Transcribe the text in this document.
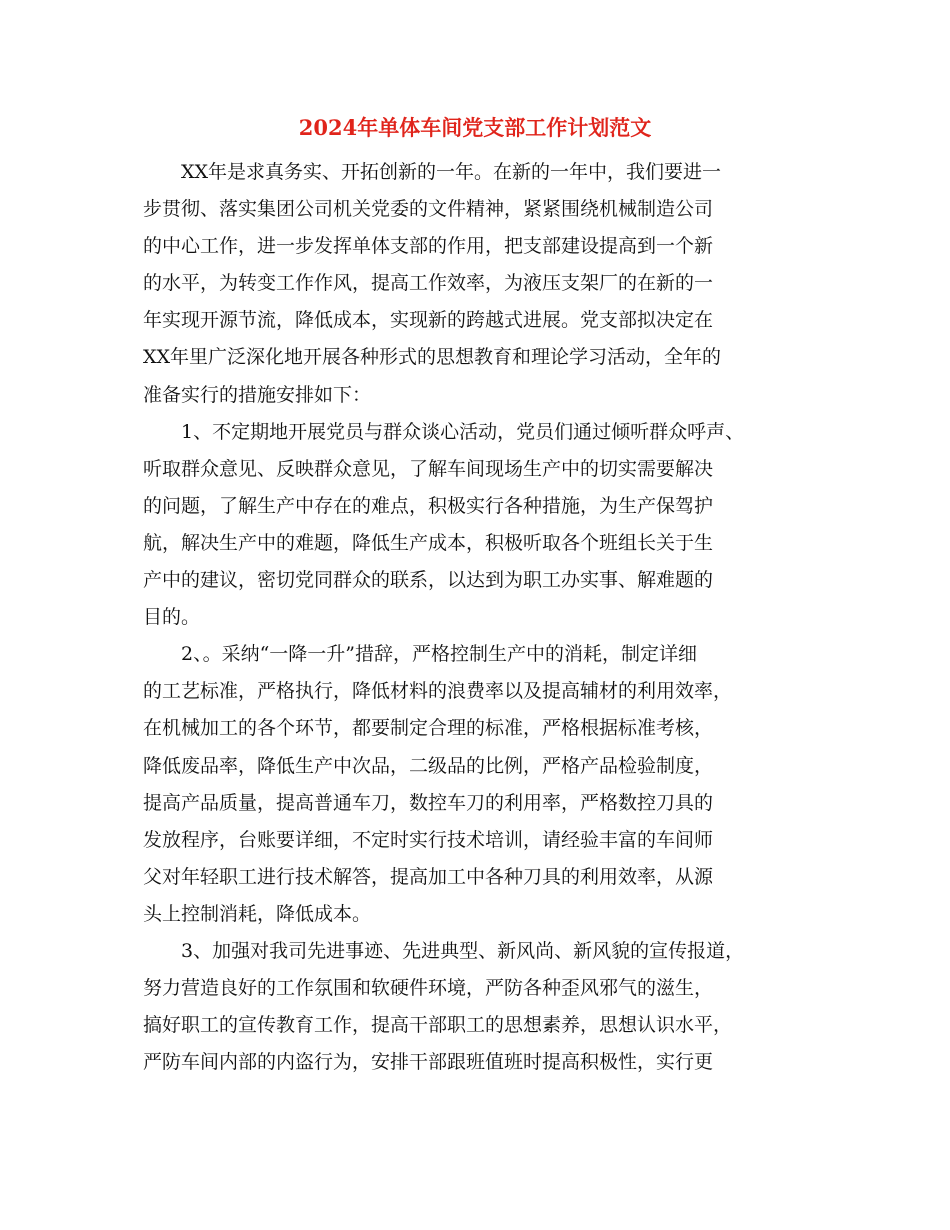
2024年单体车间党支部工作计划范文
XX年是求真务实、开拓创新的一年。在新的一年中，我们要进一
步贯彻、落实集团公司机关党委的文件精神，紧紧围绕机械制造公司
的中心工作，进一步发挥单体支部的作用，把支部建设提高到一个新
的水平，为转变工作作风，提高工作效率，为液压支架厂的在新的一
年实现开源节流，降低成本，实现新的跨越式进展。党支部拟决定在
XX年里广泛深化地开展各种形式的思想教育和理论学习活动，全年的
准备实行的措施安排如下：
1、不定期地开展党员与群众谈心活动，党员们通过倾听群众呼声、
听取群众意见、反映群众意见，了解车间现场生产中的切实需要解决
的问题，了解生产中存在的难点，积极实行各种措施，为生产保驾护
航，解决生产中的难题，降低生产成本，积极听取各个班组长关于生
产中的建议，密切党同群众的联系，以达到为职工办实事、解难题的
目的。
2、。采纳“一降一升”措辞，严格控制生产中的消耗，制定详细
的工艺标准，严格执行，降低材料的浪费率以及提高辅材的利用效率，
在机械加工的各个环节，都要制定合理的标准，严格根据标准考核，
降低废品率，降低生产中次品，二级品的比例，严格产品检验制度，
提高产品质量，提高普通车刀，数控车刀的利用率，严格数控刀具的
发放程序，台账要详细，不定时实行技术培训，请经验丰富的车间师
父对年轻职工进行技术解答，提高加工中各种刀具的利用效率，从源
头上控制消耗，降低成本。
3、加强对我司先进事迹、先进典型、新风尚、新风貌的宣传报道，
努力营造良好的工作氛围和软硬件环境，严防各种歪风邪气的滋生，
搞好职工的宣传教育工作，提高干部职工的思想素养，思想认识水平，
严防车间内部的内盗行为，安排干部跟班值班时提高积极性，实行更
